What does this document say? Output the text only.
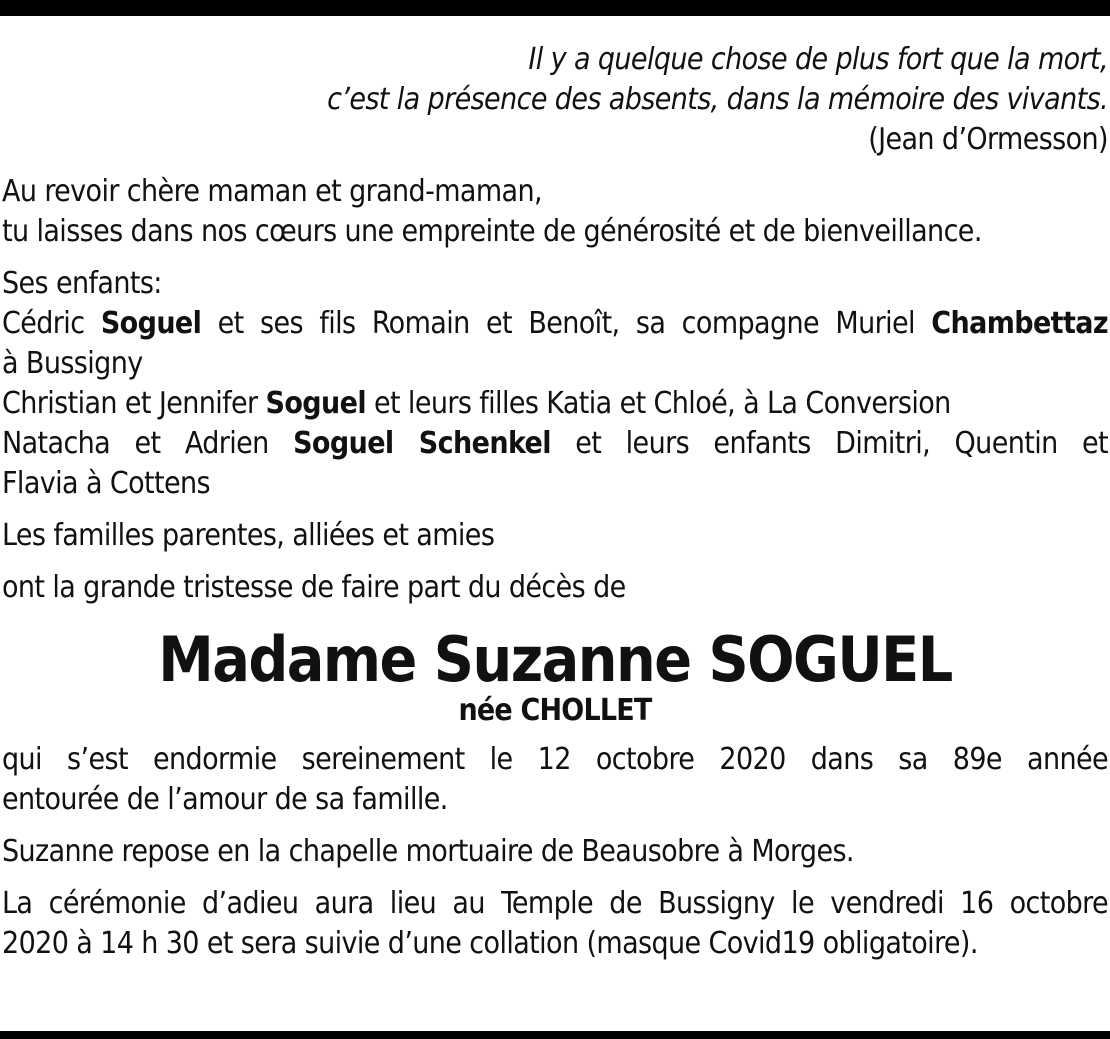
Il y a quelque chose de plus fort que la mort,
c’est la présence des absents, dans la mémoire des vivants.
(Jean d’Ormesson)
Au revoir chère maman et grand-maman,
tu laisses dans nos cœurs une empreinte de générosité et de bienveillance.
Ses enfants:
Cédric Soguel et ses fils Romain et Benoît, sa compagne Muriel Chambettaz
à Bussigny
Christian et Jennifer Soguel et leurs filles Katia et Chloé, à La Conversion
Natacha et Adrien Soguel Schenkel et leurs enfants Dimitri, Quentin et
Flavia à Cottens
Les familles parentes, alliées et amies
ont la grande tristesse de faire part du décès de
Madame Suzanne SOGUEL
née CHOLLET
qui s’est endormie sereinement le 12 octobre 2020 dans sa 89e année
entourée de l’amour de sa famille.
Suzanne repose en la chapelle mortuaire de Beausobre à Morges.
La cérémonie d’adieu aura lieu au Temple de Bussigny le vendredi 16 octobre
2020 à 14 h 30 et sera suivie d’une collation (masque Covid19 obligatoire).
